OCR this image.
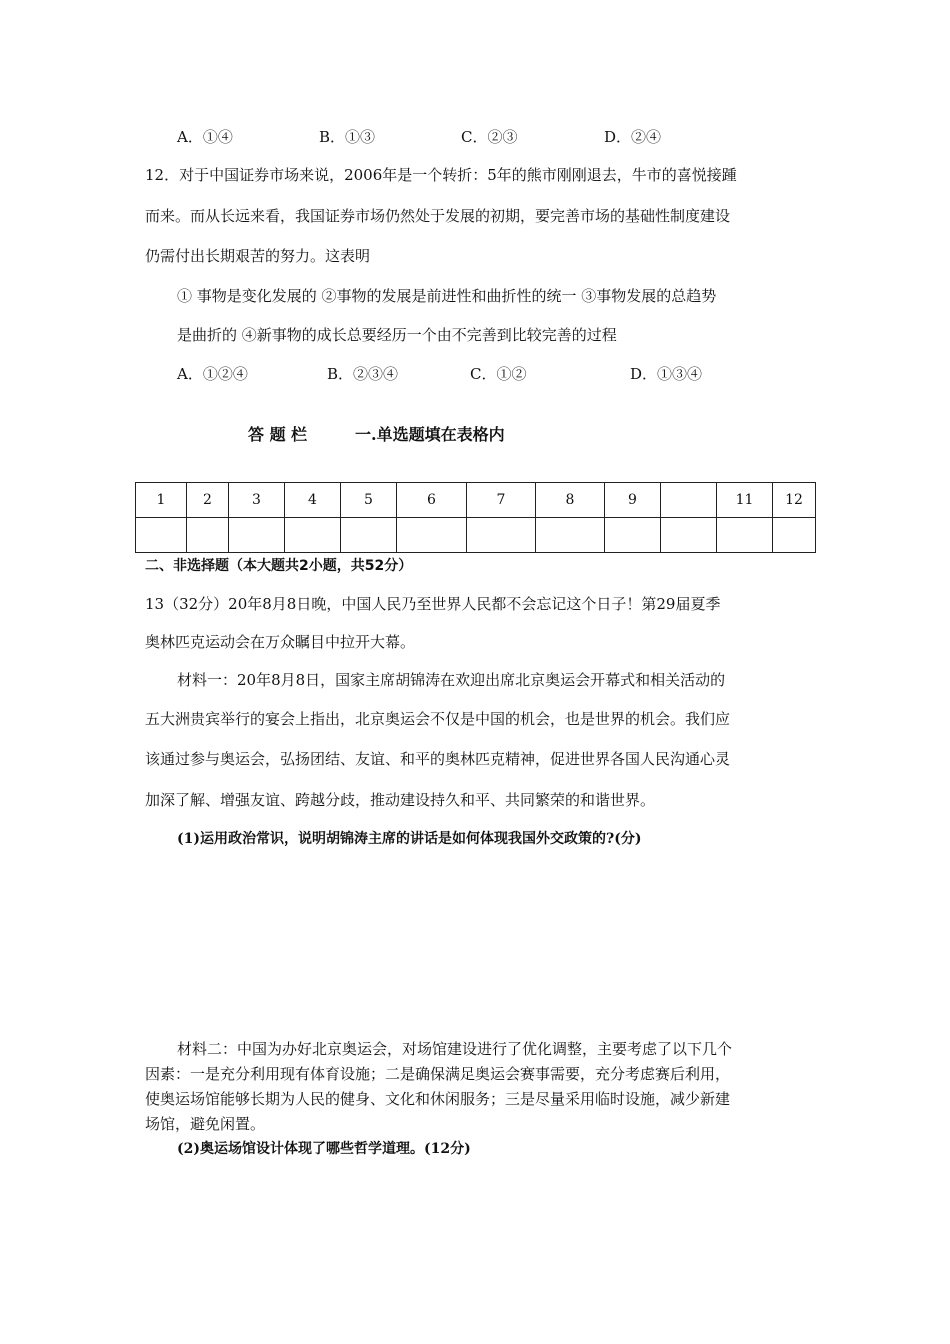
A．①④	B．①③	C．②③	D．②④
12．对于中国证券市场来说，2006年是一个转折：5年的熊市刚刚退去，牛市的喜悦接踵
而来。而从长远来看，我国证券市场仍然处于发展的初期，要完善市场的基础性制度建设
仍需付出长期艰苦的努力。这表明
① 事物是变化发展的 ②事物的发展是前进性和曲折性的统一 ③事物发展的总趋势
是曲折的 ④新事物的成长总要经历一个由不完善到比较完善的过程
A．①②④	B．②③④	C．①②	D．①③④
答 题 栏	一.单选题填在表格内
1	2	3	4	5	6	7	8	9		11	12

二、非选择题（本大题共2小题，共52分）
13（32分）20年8月8日晚，中国人民乃至世界人民都不会忘记这个日子！第29届夏季
奥林匹克运动会在万众瞩目中拉开大幕。
材料一：20年8月8日，国家主席胡锦涛在欢迎出席北京奥运会开幕式和相关活动的
五大洲贵宾举行的宴会上指出，北京奥运会不仅是中国的机会，也是世界的机会。我们应
该通过参与奥运会，弘扬团结、友谊、和平的奥林匹克精神，促进世界各国人民沟通心灵
加深了解、增强友谊、跨越分歧，推动建设持久和平、共同繁荣的和谐世界。
(1)运用政治常识，说明胡锦涛主席的讲话是如何体现我国外交政策的?(分)
材料二：中国为办好北京奥运会，对场馆建设进行了优化调整，主要考虑了以下几个
因素：一是充分利用现有体育设施；二是确保满足奥运会赛事需要，充分考虑赛后利用，
使奥运场馆能够长期为人民的健身、文化和休闲服务；三是尽量采用临时设施，减少新建
场馆，避免闲置。
(2)奥运场馆设计体现了哪些哲学道理。(12分)
